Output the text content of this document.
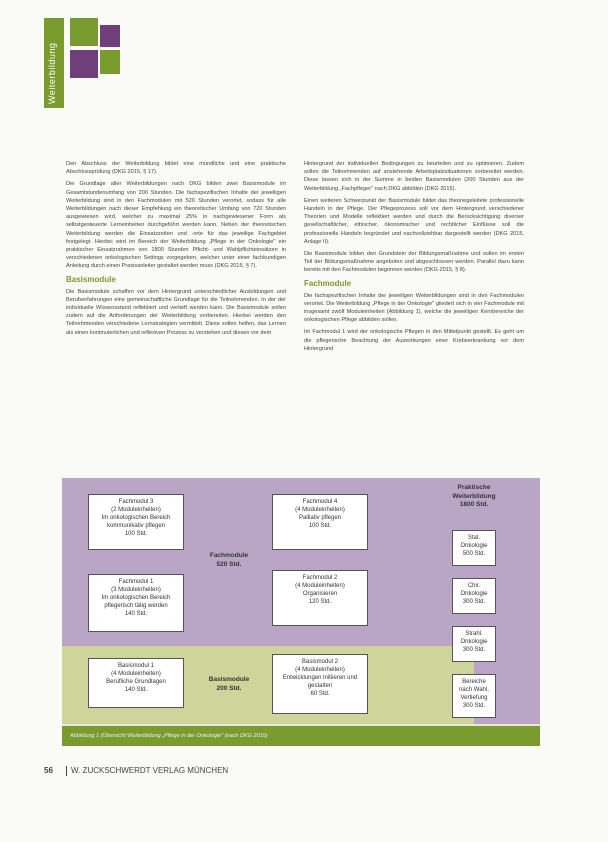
Weiterbildung

Den Abschluss der Weiterbildung bildet eine mündliche und eine praktische Abschlussprüfung (DKG 2015, § 17).

Die Grundlage aller Weiterbildungen nach DKG bilden zwei Basismodule im Gesamtstundenumfang von 200 Stunden. Die fachspezifischen Inhalte der jeweiligen Weiterbildung sind in den Fachmodulen mit 520 Stunden verortet, sodass für alle Weiterbildungen nach dieser Empfehlung ein theoretischer Umfang von 720 Stunden ausgewiesen wird, welcher zu maximal 25% in nachgewiesener Form als selbstgesteuerte Lerneinheiten durchgeführt werden kann. Neben der theoretischen Weiterbildung werden die Einsatzzeiten und -orte für das jeweilige Fachgebiet festgelegt. Hierbei wird im Bereich der Weiterbildung „Pflege in der Onkologie" ein praktischer Einsatzrahmen von 1800 Stunden Pflicht- und Wahlpflichteinsätzen in verschiedenen onkologischen Settings vorgegeben, welcher unter einer fachkundigen Anleitung durch einen Praxisanleiter gestaltet werden muss (DKG 2015, § 7).

Basismodule

Die Basismodule schaffen vor dem Hintergrund unterschiedlicher Ausbildungen und Berufserfahrungen eine gemeinschaftliche Grundlage für die Teilnehmenden. In der der individuelle Wissensstand reflektiert und vertieft werden kann. Die Basismodule sollen zudem auf die Anforderungen der Weiterbildung vorbereiten. Hierbei werden den Teilnehmenden verschiedene Lernstrategien vermittelt. Diese sollen helfen, das Lernen als einen kontinuierlichen und reflexiven Prozess zu verstehen und diesen vor dem

Hintergrund der individuellen Bedingungen zu beurteilen und zu optimieren. Zudem sollen die Teilnehmenden auf anstehende Arbeitsplatzsituationen vorbereitet werden. Diese lassen sich in der Summe in beiden Basismodulen (200 Stunden aus der Weiterbildung „Fachpfleger" nach DKG abbilden (DKG 2015).

Einen weiteren Schwerpunkt der Basismodule bildet das theoriegeleitete professionelle Handeln in der Pflege. Der Pflegeprozess soll vor dem Hintergrund verschiedener Theorien und Modelle reflektiert werden und durch die Berücksichtigung diverser gesellschaftlicher, ethischer, ökonomischer und rechtlicher Einflüsse soll die professionelle Handeln begründet und nachvollziehbar dargestellt werden (DKG 2015, Anlage II).

Die Basismodule bilden den Grundstein der Bildungsmaßnahme und sollen im ersten Teil der Bildungsmaßnahme angeboten und abgeschlossen werden. Parallel dazu kann bereits mit den Fachmodulen begonnen werden (DKG 2015, § 8).

Fachmodule

Die fachspezifischen Inhalte der jeweiligen Weiterbildungen sind in den Fachmodulen verortet. Die Weiterbildung „Pflege in der Onkologie" gliedert sich in vier Fachmodule mit insgesamt zwölf Moduleinheiten (Abbildung 1), welche die jeweiligen Kernbereiche der onkologischen Pflege abbilden sollen.

Im Fachmodul 1 wird der onkologische Pflegen in den Mittelpunkt gestellt. Es geht um die pflegerische Beachtung der Auswirkungen einer Krebserkrankung vor dem Hintergrund

Fachmodul 3
(2 Moduleinheiten)
Im onkologischen Bereich
kommunikativ pflegen
100 Std.
Fachmodul 4
(4 Moduleinheiten)
Palliativ pflegen
100 Std.
Fachmodule
520 Std.
Fachmodul 1
(3 Moduleinheiten)
Im onkologischen Bereich
pflegerisch tätig werden
140 Std.
Fachmodul 2
(4 Moduleinheiten)
Organisieren
120 Std.
Basismodul 1
(4 Moduleinheiten)
Berufliche Grundlagen
140 Std.
Basismodule
200 Std.
Basismodul 2
(4 Moduleinheiten)
Entwicklungen initiieren und
gestalten
60 Std.
Praktische
Weiterbildung
1800 Std.
Stat.
Onkologie
500 Std.
Chir.
Onkologie
300 Std.
Strahl.
Onkologie
300 Std.
Bereiche
nach Wahl,
Vertiefung
300 Std.
Abbildung 1 (Übersicht Weiterbildung „Pflege in der Onkologie" (nach DKG 2015)
56 W. ZUCKSCHWERDT VERLAG MÜNCHEN
